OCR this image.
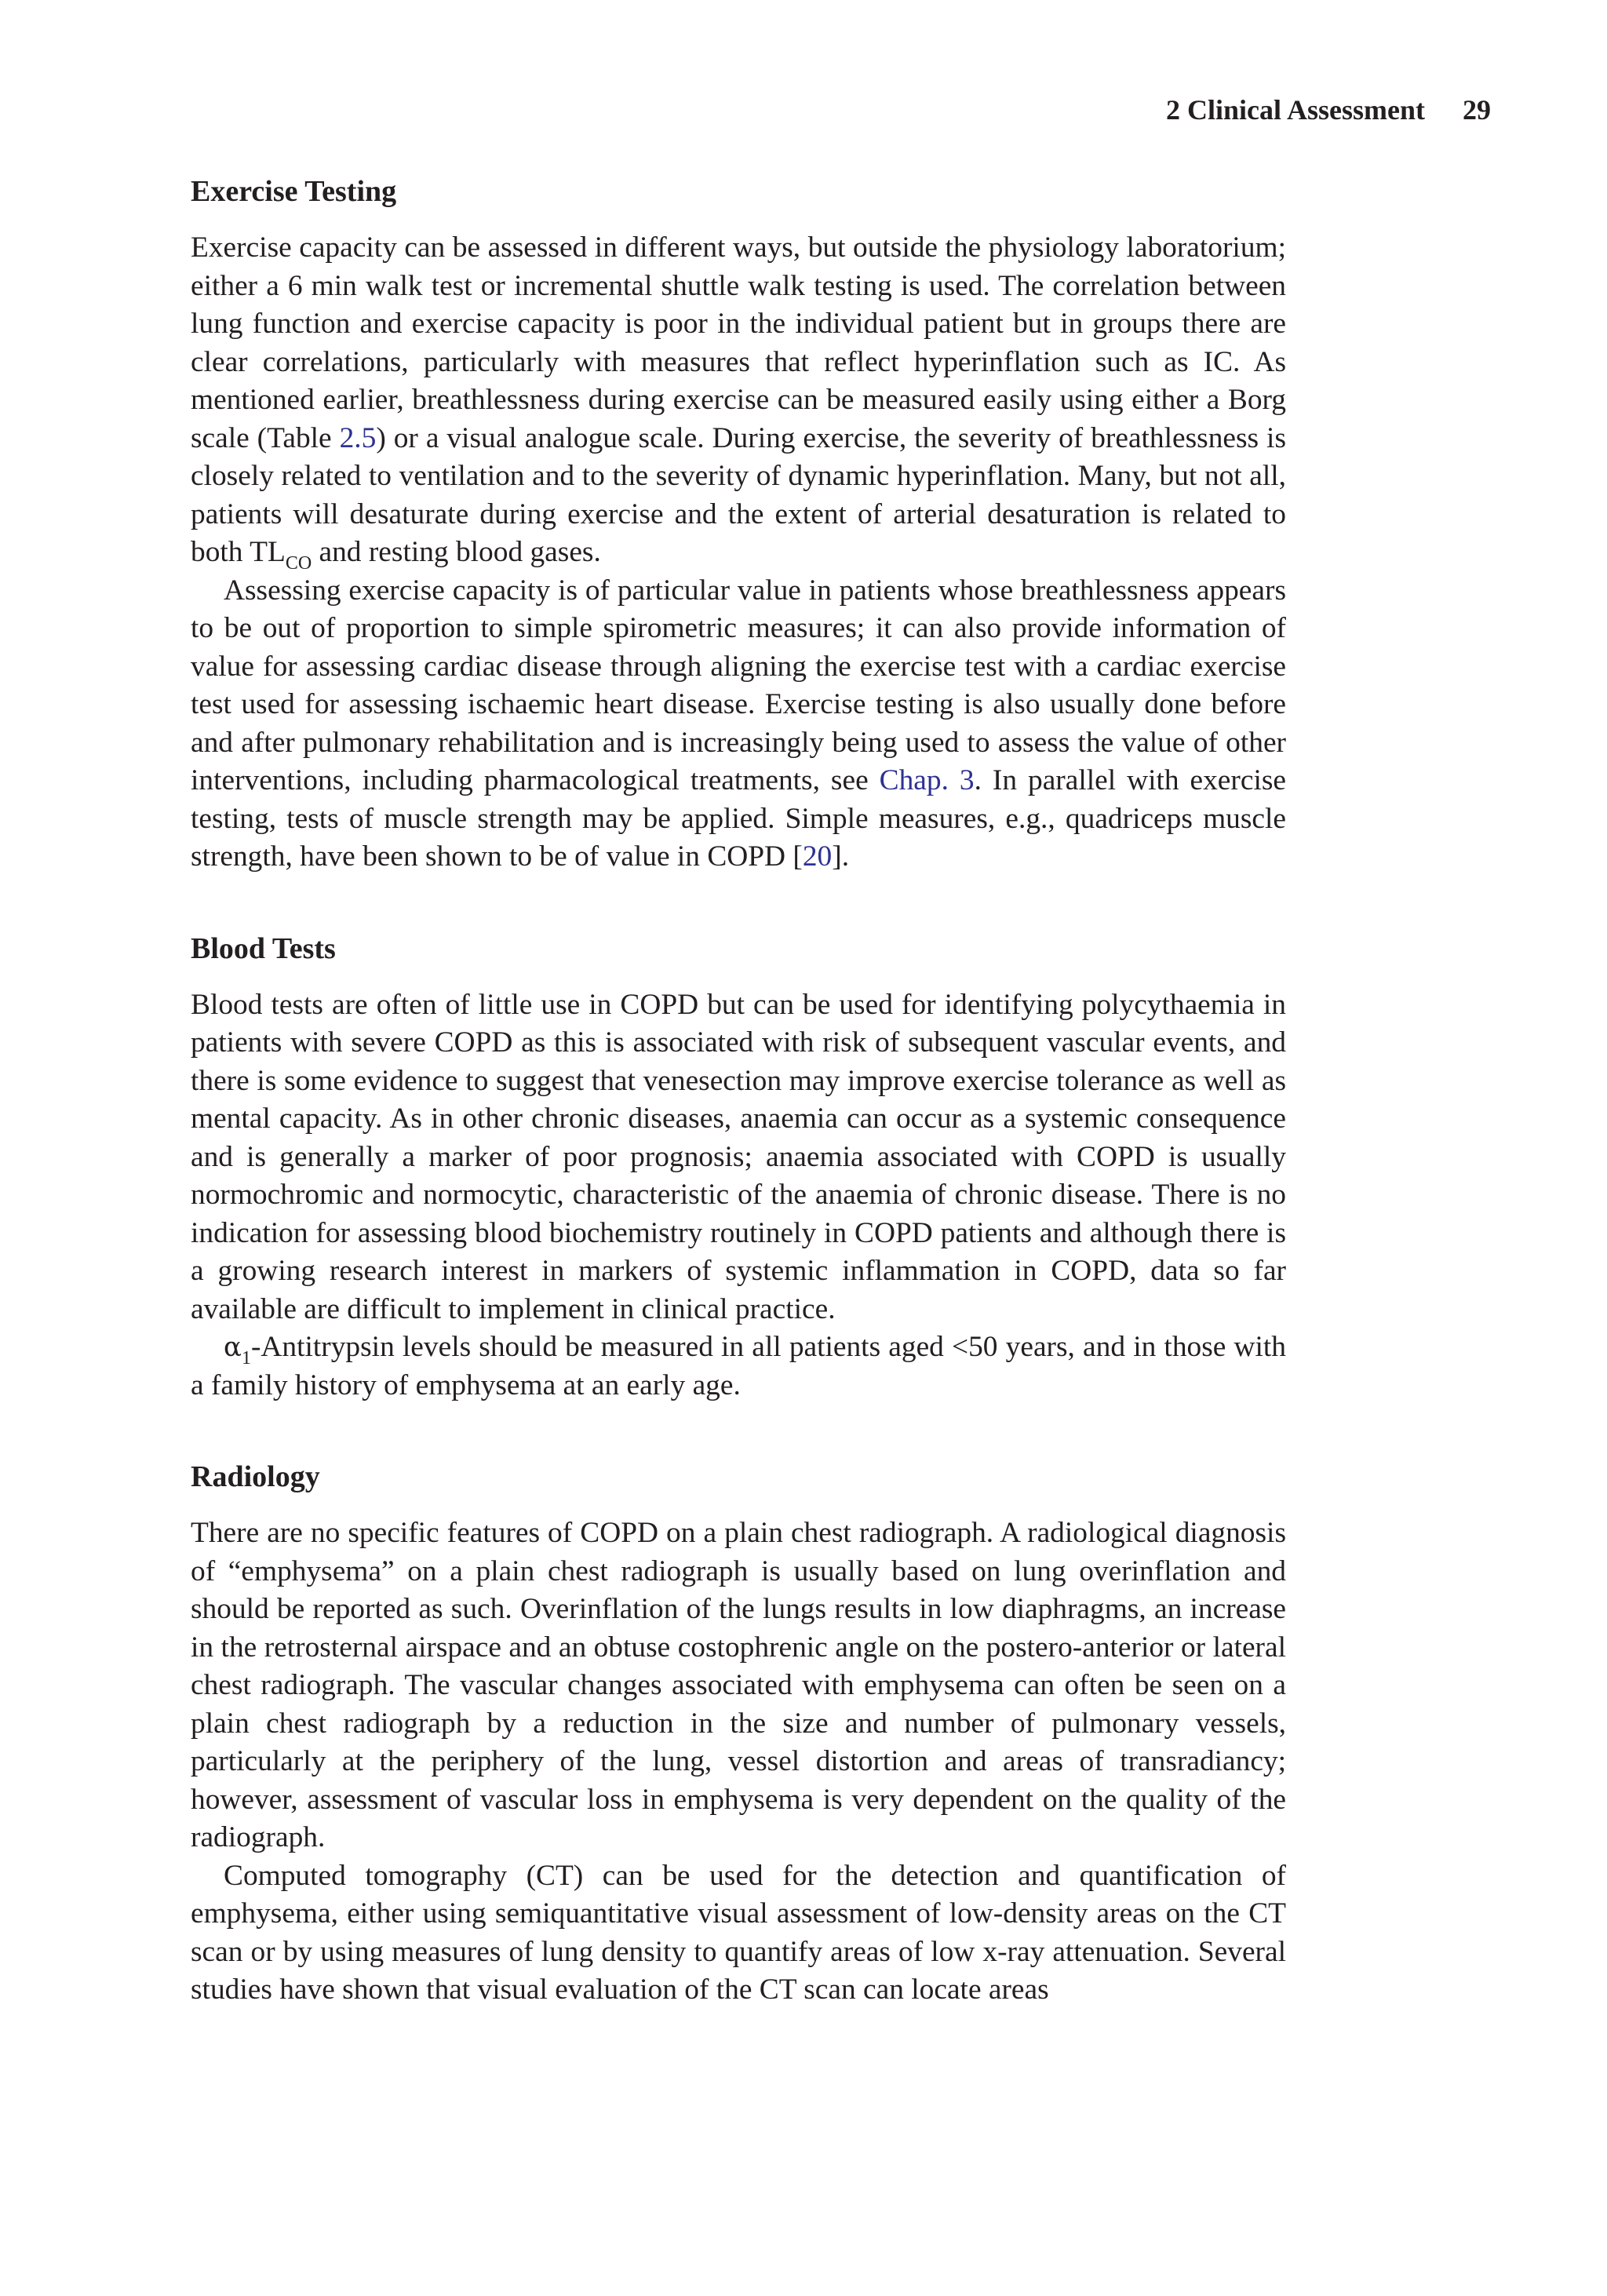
2 Clinical Assessment 29
Exercise Testing

Exercise capacity can be assessed in different ways, but outside the physiology laboratorium; either a 6 min walk test or incremental shuttle walk testing is used. The correlation between lung function and exercise capacity is poor in the individual patient but in groups there are clear correlations, particularly with measures that reflect hyperinflation such as IC. As mentioned earlier, breathlessness during exercise can be measured easily using either a Borg scale (Table 2.5) or a visual analogue scale. During exercise, the severity of breathlessness is closely related to ventilation and to the severity of dynamic hyperinflation. Many, but not all, patients will desaturate during exercise and the extent of arterial desaturation is related to both $TL_{CO}$ and resting blood gases.

Assessing exercise capacity is of particular value in patients whose breathlessness appears to be out of proportion to simple spirometric measures; it can also provide information of value for assessing cardiac disease through aligning the exercise test with a cardiac exercise test used for assessing ischaemic heart disease. Exercise testing is also usually done before and after pulmonary rehabilitation and is increasingly being used to assess the value of other interventions, including pharmacological treatments, see Chap. 3. In parallel with exercise testing, tests of muscle strength may be applied. Simple measures, e.g., quadriceps muscle strength, have been shown to be of value in COPD [20].

Blood Tests

Blood tests are often of little use in COPD but can be used for identifying polycythaemia in patients with severe COPD as this is associated with risk of subsequent vascular events, and there is some evidence to suggest that venesection may improve exercise tolerance as well as mental capacity. As in other chronic diseases, anaemia can occur as a systemic consequence and is generally a marker of poor prognosis; anaemia associated with COPD is usually normochromic and normocytic, characteristic of the anaemia of chronic disease. There is no indication for assessing blood biochemistry routinely in COPD patients and although there is a growing research interest in markers of systemic inflammation in COPD, data so far available are difficult to implement in clinical practice.

$\alpha_1$-Antitrypsin levels should be measured in all patients aged <50 years, and in those with a family history of emphysema at an early age.

Radiology

There are no specific features of COPD on a plain chest radiograph. A radiological diagnosis of “emphysema” on a plain chest radiograph is usually based on lung overinflation and should be reported as such. Overinflation of the lungs results in low diaphragms, an increase in the retrosternal airspace and an obtuse costophrenic angle on the postero-anterior or lateral chest radiograph. The vascular changes associated with emphysema can often be seen on a plain chest radiograph by a reduction in the size and number of pulmonary vessels, particularly at the periphery of the lung, vessel distortion and areas of transradiancy; however, assessment of vascular loss in emphysema is very dependent on the quality of the radiograph.

Computed tomography (CT) can be used for the detection and quantification of emphysema, either using semiquantitative visual assessment of low-density areas on the CT scan or by using measures of lung density to quantify areas of low x-ray attenuation. Several studies have shown that visual evaluation of the CT scan can locate areas
